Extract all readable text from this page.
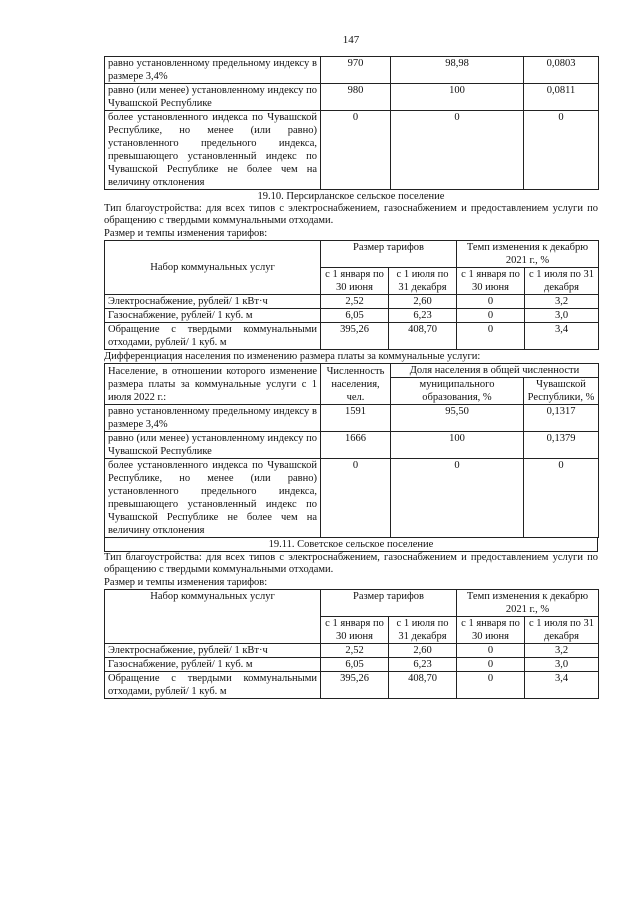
147
равно установленному предельному индексу в размере 3,4%	970	98,98	0,0803
равно (или менее) установленному индексу по Чувашской Республике	980	100	0,0811
более установленного индекса по Чувашской Республике, но менее (или равно) установленного предельного индекса, превышающего установленный индекс по Чувашской Республике не более чем на величину отклонения	0	0	0
19.10. Персирланское сельское поселение
Тип благоустройства: для всех типов с электроснабжением, газоснабжением и предоставлением услуги по обращению с твердыми коммунальными отходами.
Размер и темпы изменения тарифов:
Набор коммунальных услуг	Размер тарифов		Темп изменения к декабрю 2021 г., %	
	с 1 января по 30 июня	с 1 июля по 31 декабря	с 1 января по 30 июня	с 1 июля по 31 декабря
Электроснабжение, рублей/ 1 кВт·ч	2,52	2,60	0	3,2
Газоснабжение, рублей/ 1 куб. м	6,05	6,23	0	3,0
Обращение с твердыми коммунальными отходами, рублей/ 1 куб. м	395,26	408,70	0	3,4
Дифференциация населения по изменению размера платы за коммунальные услуги:
Население, в отношении которого изменение размера платы за коммунальные услуги с 1 июля 2022 г.:	Численность населения, чел.	Доля населения в общей численности	
		муниципального образования, %	Чувашской Республики, %
равно установленному предельному индексу в размере 3,4%	1591	95,50	0,1317
равно (или менее) установленному индексу по Чувашской Республике	1666	100	0,1379
более установленного индекса по Чувашской Республике, но менее (или равно) установленного предельного индекса, превышающего установленный индекс по Чувашской Республике не более чем на величину отклонения	0	0	0
19.11. Советское сельское поселение
Тип благоустройства: для всех типов с электроснабжением, газоснабжением и предоставлением услуги по обращению с твердыми коммунальными отходами.
Размер и темпы изменения тарифов:
Набор коммунальных услуг	Размер тарифов		Темп изменения к декабрю 2021 г., %	
	с 1 января по 30 июня	с 1 июля по 31 декабря	с 1 января по 30 июня	с 1 июля по 31 декабря
Электроснабжение, рублей/ 1 кВт·ч	2,52	2,60	0	3,2
Газоснабжение, рублей/ 1 куб. м	6,05	6,23	0	3,0
Обращение с твердыми коммунальными отходами, рублей/ 1 куб. м	395,26	408,70	0	3,4
